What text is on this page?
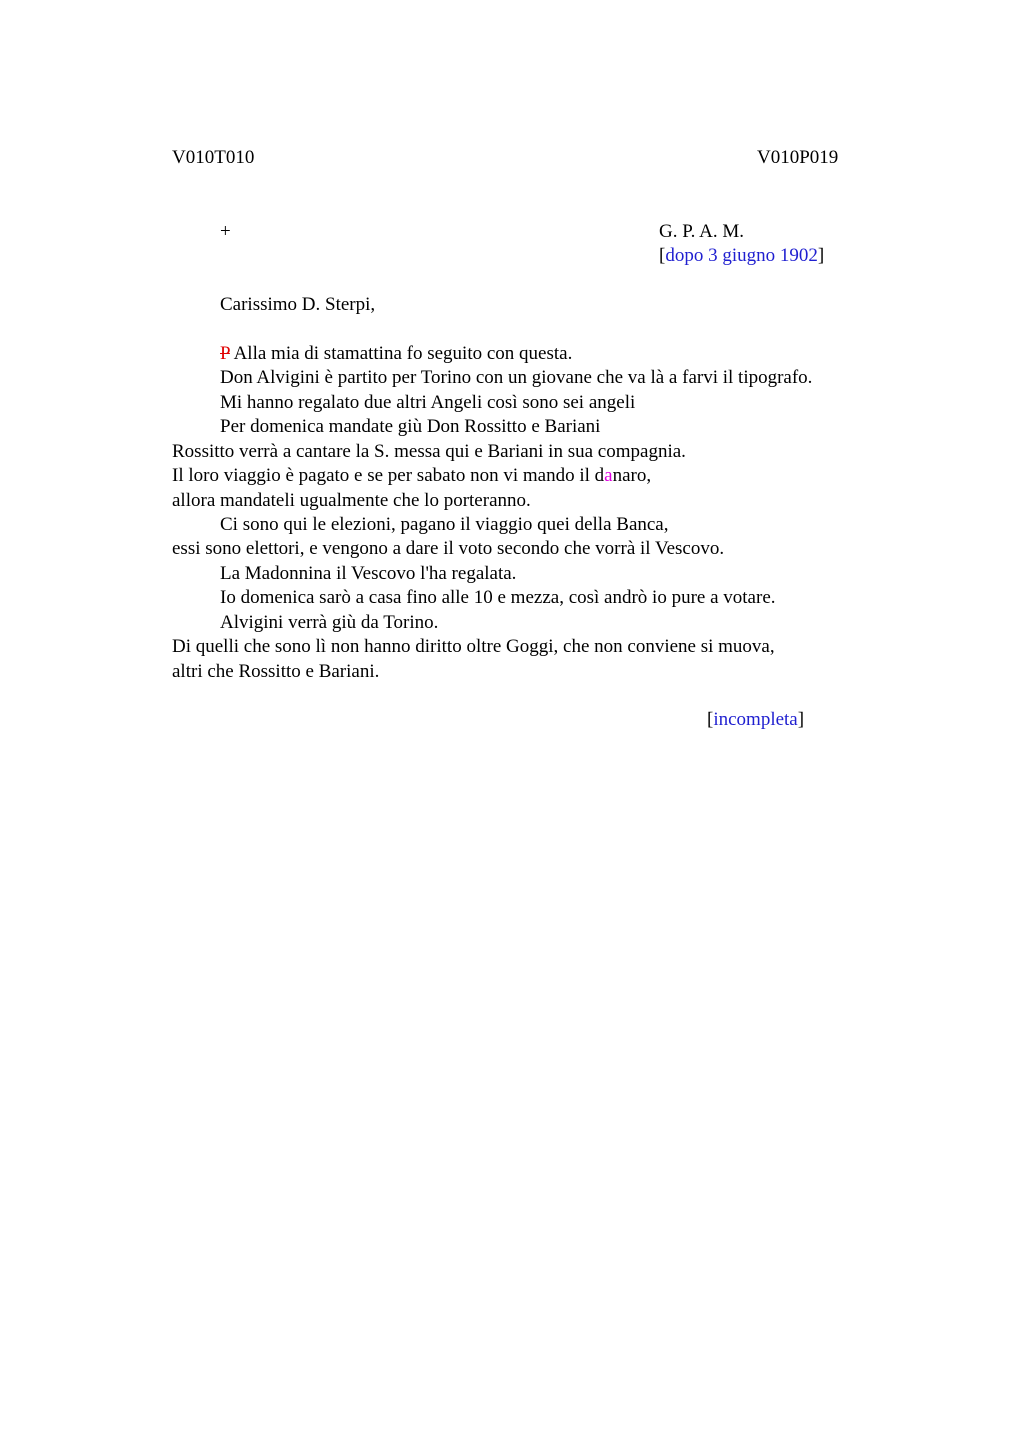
V010T010	V010P019
+	G. P. A. M.
[dopo 3 giugno 1902]
Carissimo D. Sterpi,
P Alla mia di stamattina fo seguito con questa.
Don Alvigini è partito per Torino con un giovane che va là a farvi il tipografo.
Mi hanno regalato due altri Angeli così sono sei angeli
Per domenica mandate giù Don Rossitto e Bariani
Rossitto verrà a cantare la S. messa qui e Bariani in sua compagnia.
Il loro viaggio è pagato e se per sabato non vi mando il danaro,
allora mandateli ugualmente che lo porteranno.
Ci sono qui le elezioni, pagano il viaggio quei della Banca,
essi sono elettori, e vengono a dare il voto secondo che vorrà il Vescovo.
La Madonnina il Vescovo l'ha regalata.
Io domenica sarò a casa fino alle 10 e mezza, così andrò io pure a votare.
Alvigini verrà giù da Torino.
Di quelli che sono lì non hanno diritto oltre Goggi, che non conviene si muova,
altri che Rossitto e Bariani.
[incompleta]
